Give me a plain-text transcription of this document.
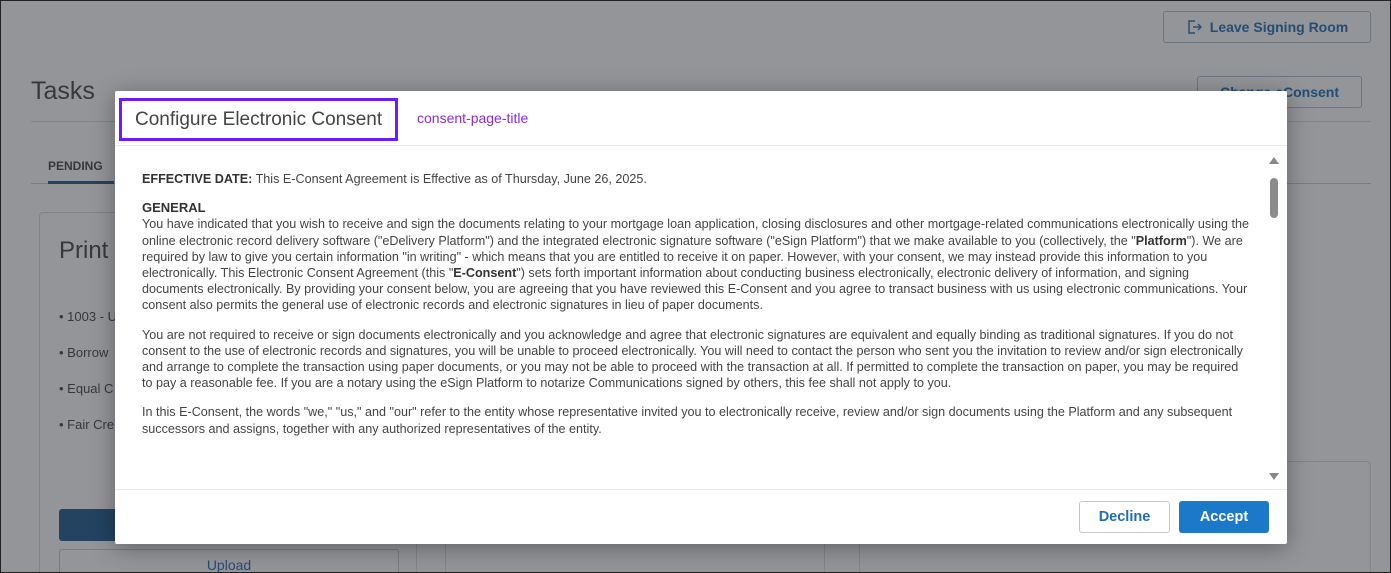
•
•
•
•
Configure Electronic Consent consent-page-title

EFFECTIVE DATE: This E-Consent Agreement is Effective as of Thursday, June 26, 2025.

GENERAL

You have indicated that you wish to receive and sign the documents relating to your mortgage loan application, closing disclosures and other mortgage-related communications electronically using the online electronic record delivery software ("eDelivery Platform") and the integrated electronic signature software ("eSign Platform") that we make available to you (collectively, the "Platform"). We are required by law to give you certain information "in writing" - which means that you are entitled to receive it on paper. However, with your consent, we may instead provide this information to you electronically. This Electronic Consent Agreement (this "E-Consent") sets forth important information about conducting business electronically, electronic delivery of information, and signing documents electronically. By providing your consent below, you are agreeing that you have reviewed this E-Consent and you agree to transact business with us using electronic communications. Your consent also permits the general use of electronic records and electronic signatures in lieu of paper documents.

You are not required to receive or sign documents electronically and you acknowledge and agree that electronic signatures are equivalent and equally binding as traditional signatures. If you do not consent to the use of electronic records and signatures, you will be unable to proceed electronically. You will need to contact the person who sent you the invitation to review and/or sign electronically and arrange to complete the transaction using paper documents, or you may not be able to proceed with the transaction at all. If permitted to complete the transaction on paper, you may be required to pay a reasonable fee. If you are a notary using the eSign Platform to notarize Communications signed by others, this fee shall not apply to you.

In this E-Consent, the words "we," "us," and "our" refer to the entity whose representative invited you to electronically receive, review and/or sign documents using the Platform and any subsequent successors and assigns, together with any authorized representatives of the entity.

Decline	Accept
